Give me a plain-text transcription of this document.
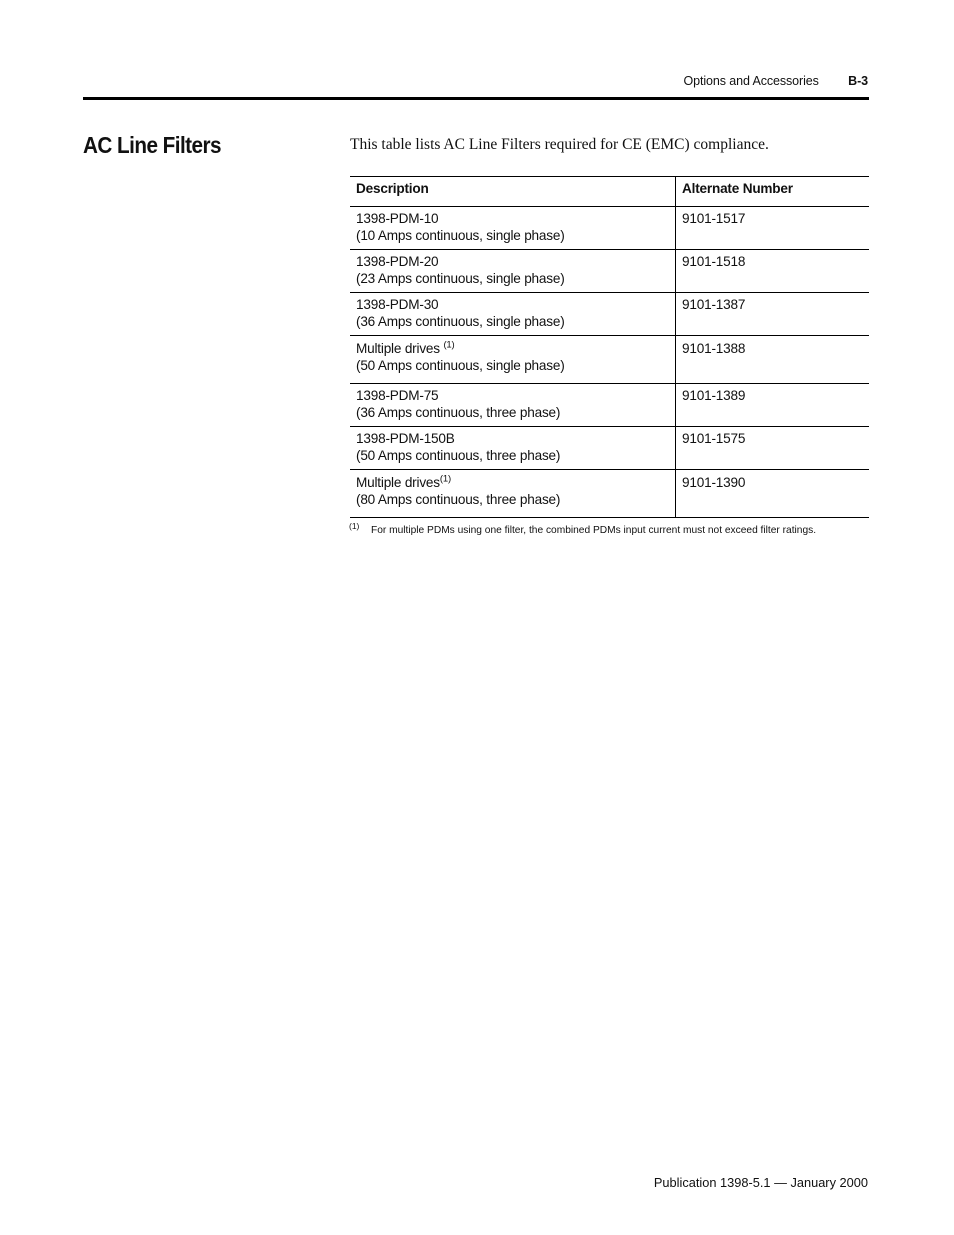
Options and Accessories B-3
AC Line Filters	This table lists AC Line Filters required for CE (EMC) compliance.

Description	Alternate Number

1398-PDM-10
(10 Amps continuous, single phase)	9101-1517

1398-PDM-20
(23 Amps continuous, single phase)	9101-1518

1398-PDM-30
(36 Amps continuous, single phase)	9101-1387

Multiple drives $^{(1)}$
(50 Amps continuous, single phase)	9101-1388

1398-PDM-75
(36 Amps continuous, three phase)	9101-1389

1398-PDM-150B
(50 Amps continuous, three phase)	9101-1575

Multiple drives$^{(1)}$
(80 Amps continuous, three phase)	9101-1390
(1) For multiple PDMs using one filter, the combined PDMs input current must not exceed filter ratings.
Publication 1398-5.1 — January 2000
